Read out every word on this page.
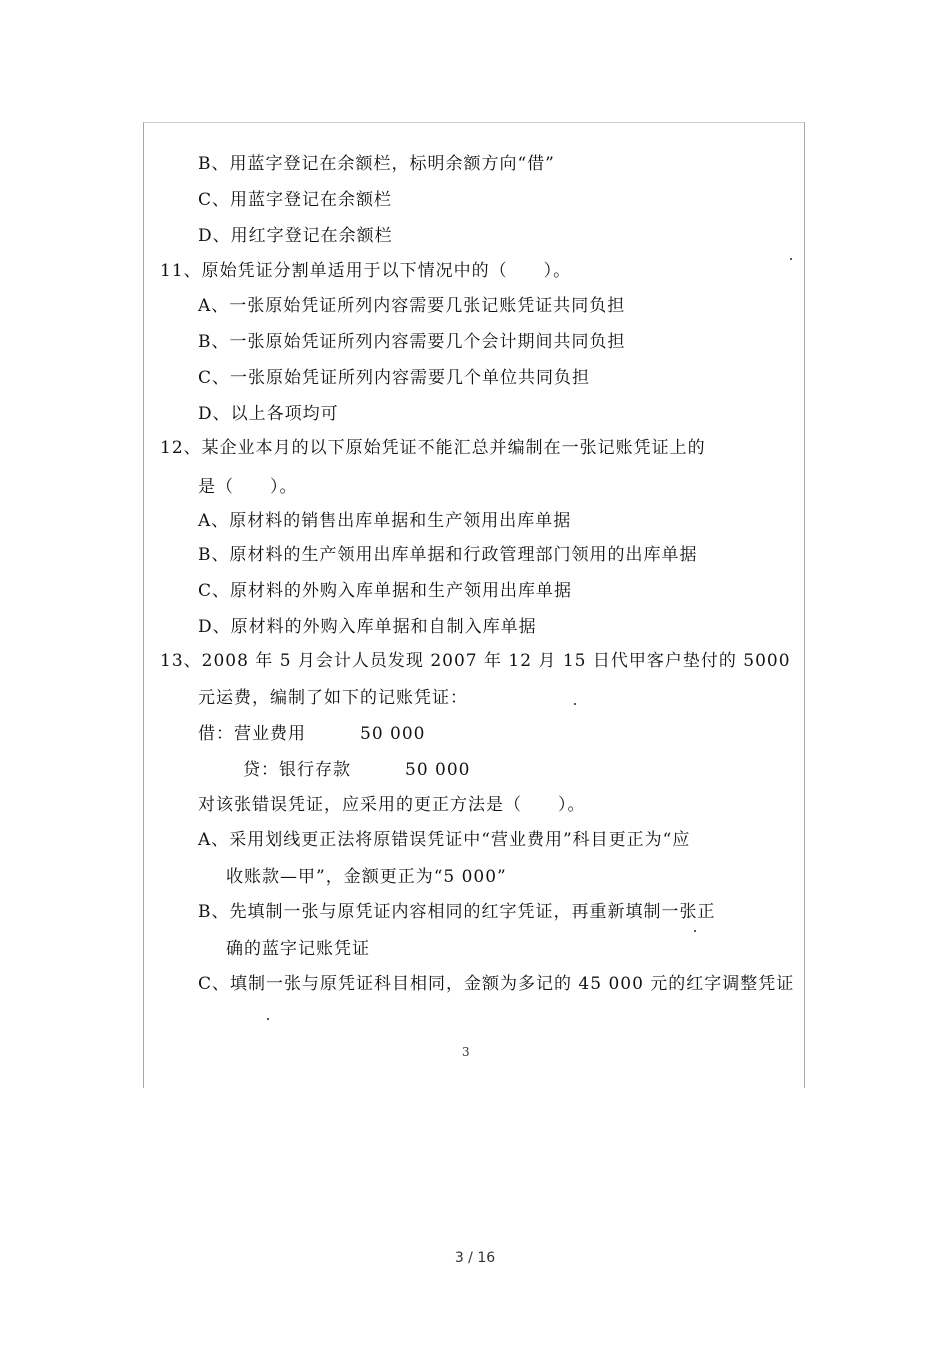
B、用蓝字登记在余额栏，标明余额方向“借”
C、用蓝字登记在余额栏
D、用红字登记在余额栏
11、原始凭证分割单适用于以下情况中的（　　）。
A、一张原始凭证所列内容需要几张记账凭证共同负担
B、一张原始凭证所列内容需要几个会计期间共同负担
C、一张原始凭证所列内容需要几个单位共同负担
D、以上各项均可
12、某企业本月的以下原始凭证不能汇总并编制在一张记账凭证上的
是（　　）。
A、原材料的销售出库单据和生产领用出库单据
B、原材料的生产领用出库单据和行政管理部门领用的出库单据
C、原材料的外购入库单据和生产领用出库单据
D、原材料的外购入库单据和自制入库单据
13、2008 年 5 月会计人员发现 2007 年 12 月 15 日代甲客户垫付的 5000
元运费，编制了如下的记账凭证：
借：营业费用　　　50 000
贷：银行存款　　　50 000
对该张错误凭证，应采用的更正方法是（　　）。
A、采用划线更正法将原错误凭证中“营业费用”科目更正为“应
收账款—甲”，金额更正为“5 000”
B、先填制一张与原凭证内容相同的红字凭证，再重新填制一张正
确的蓝字记账凭证
C、填制一张与原凭证科目相同，金额为多记的 45 000 元的红字调整凭证
3
3 / 16
